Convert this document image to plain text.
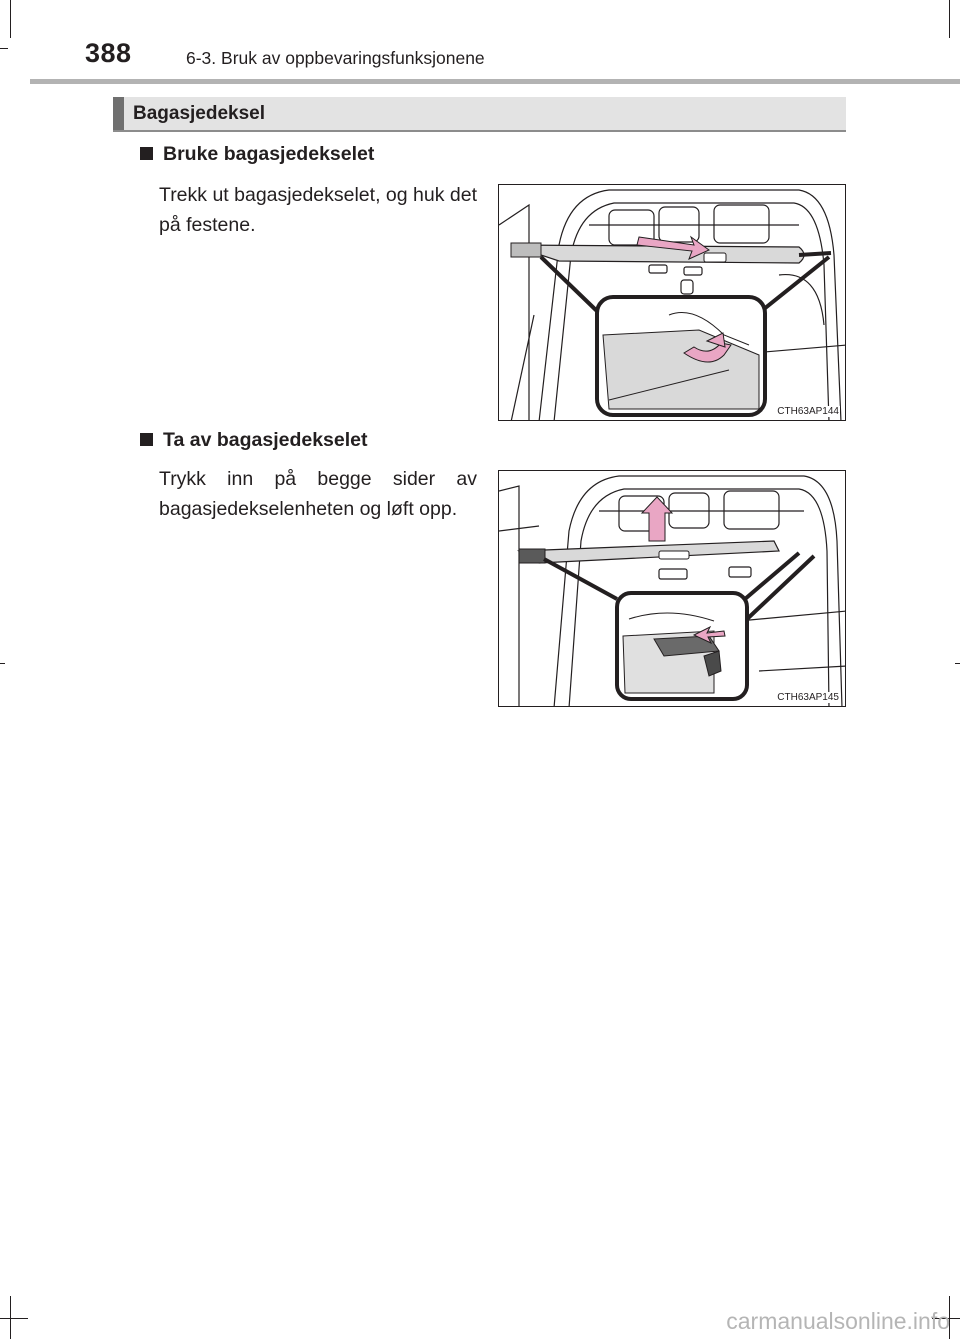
388	6-3. Bruk av oppbevaringsfunksjonene
Bagasjedeksel
Bruke bagasjedekselet
Trekk ut bagasjedekselet, og huk det på festene.
CTH63AP144
Ta av bagasjedekselet
Trykk inn på begge sider av bagasjedekselenheten og løft opp.
CTH63AP145
carmanualsonline.info
